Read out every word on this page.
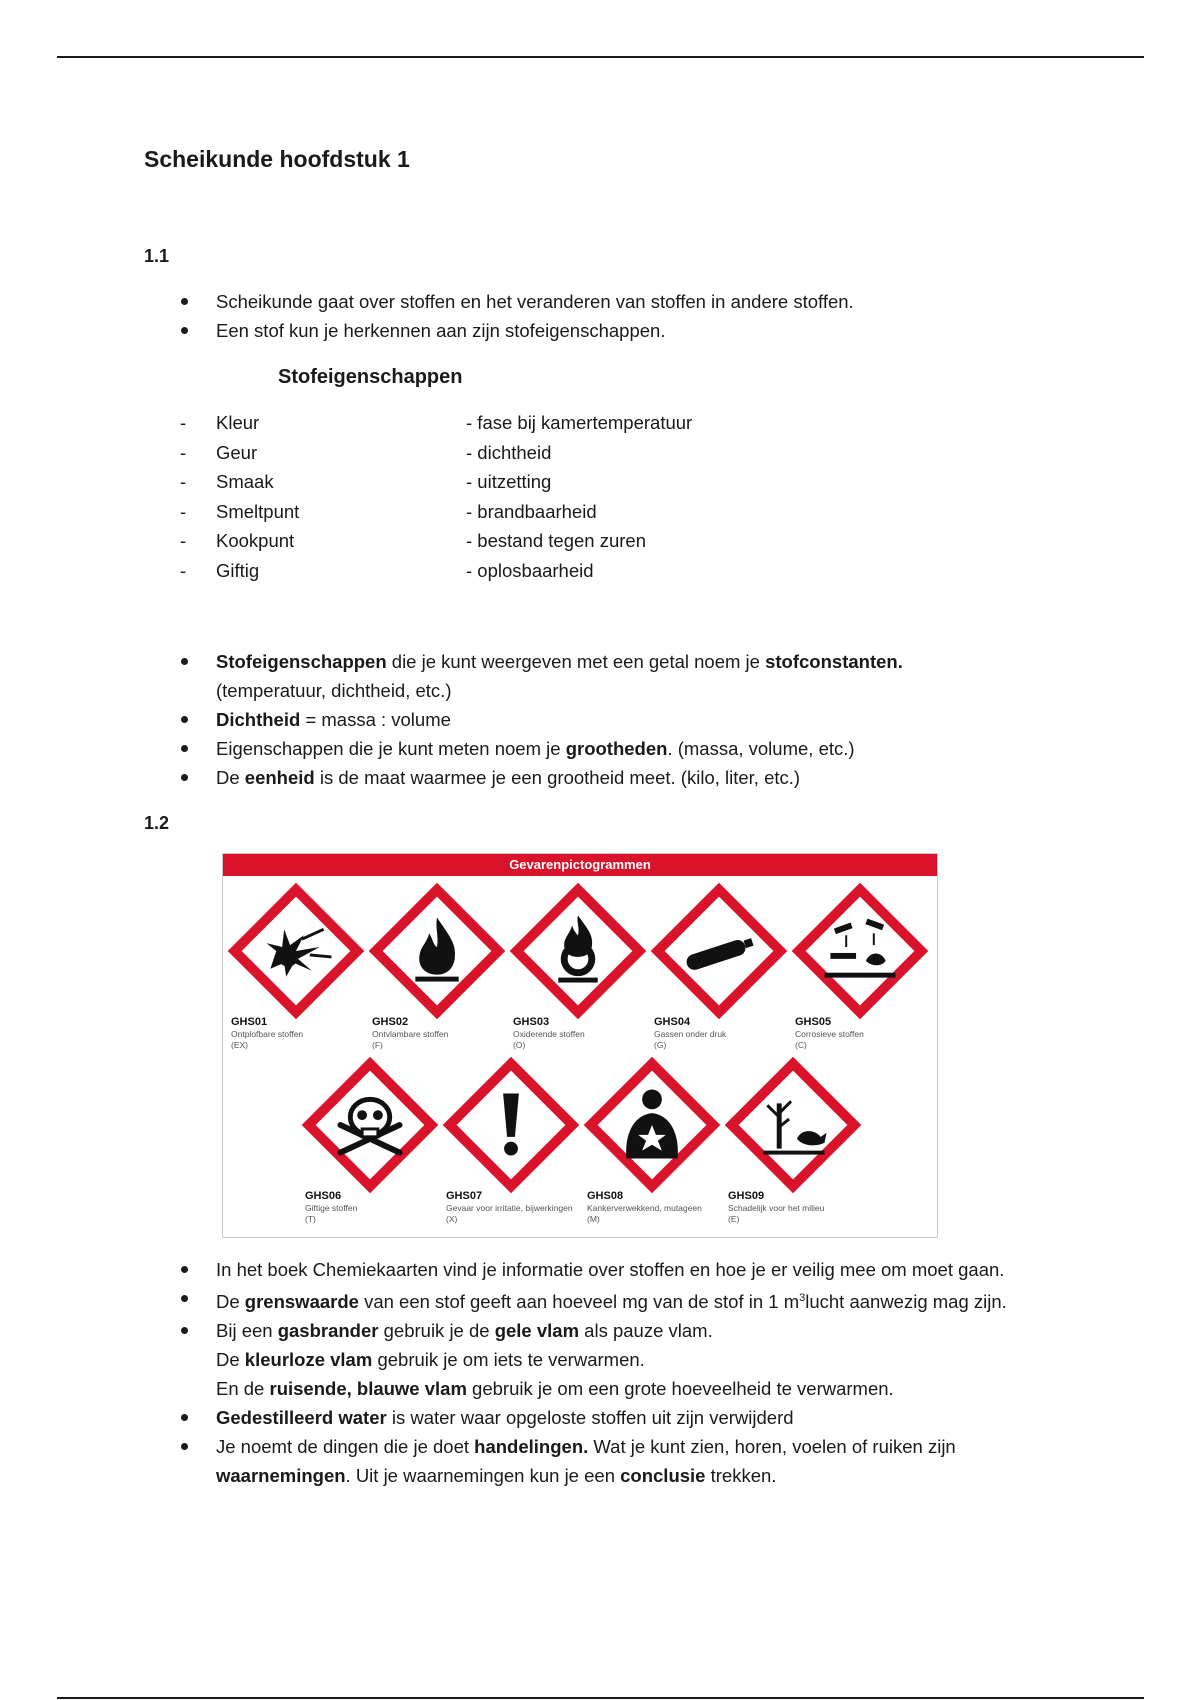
Scheikunde hoofdstuk 1
1.1
Scheikunde gaat over stoffen en het veranderen van stoffen in andere stoffen.
Een stof kun je herkennen aan zijn stofeigenschappen.
Stofeigenschappen
- Kleur	- fase bij kamertemperatuur
- Geur	- dichtheid
- Smaak	- uitzetting
- Smeltpunt	- brandbaarheid
- Kookpunt	- bestand tegen zuren
- Giftig	- oplosbaarheid
Stofeigenschappen die je kunt weergeven met een getal noem je stofconstanten.
(temperatuur, dichtheid, etc.)
Dichtheid = massa : volume
Eigenschappen die je kunt meten noem je grootheden. (massa, volume, etc.)
De eenheid is de maat waarmee je een grootheid meet. (kilo, liter, etc.)
1.2
Gevarenpictogrammen
GHS01
Ontplofbare stoffen
(EX)
GHS02
Ontvlambare stoffen
(F)
GHS03
Oxiderende stoffen
(O)
GHS04
Gassen onder druk
(G)
GHS05
Corrosieve stoffen
(C)
GHS06
Giftige stoffen
(T)
GHS07
Gevaar voor irritatie, bijwerkingen
(X)
GHS08
Kankerverwekkend, mutageen
(M)
GHS09
Schadelijk voor het milieu
(E)
In het boek Chemiekaarten vind je informatie over stoffen en hoe je er veilig mee om moet gaan.
De grenswaarde van een stof geeft aan hoeveel mg van de stof in 1 $m^3lucht$ aanwezig mag zijn.
Bij een gasbrander gebruik je de gele vlam als pauze vlam.
De kleurloze vlam gebruik je om iets te verwarmen.
En de ruisende, blauwe vlam gebruik je om een grote hoeveelheid te verwarmen.
Gedestilleerd water is water waar opgeloste stoffen uit zijn verwijderd
Je noemt de dingen die je doet handelingen. Wat je kunt zien, horen, voelen of ruiken zijn waarnemingen. Uit je waarnemingen kun je een conclusie trekken.
